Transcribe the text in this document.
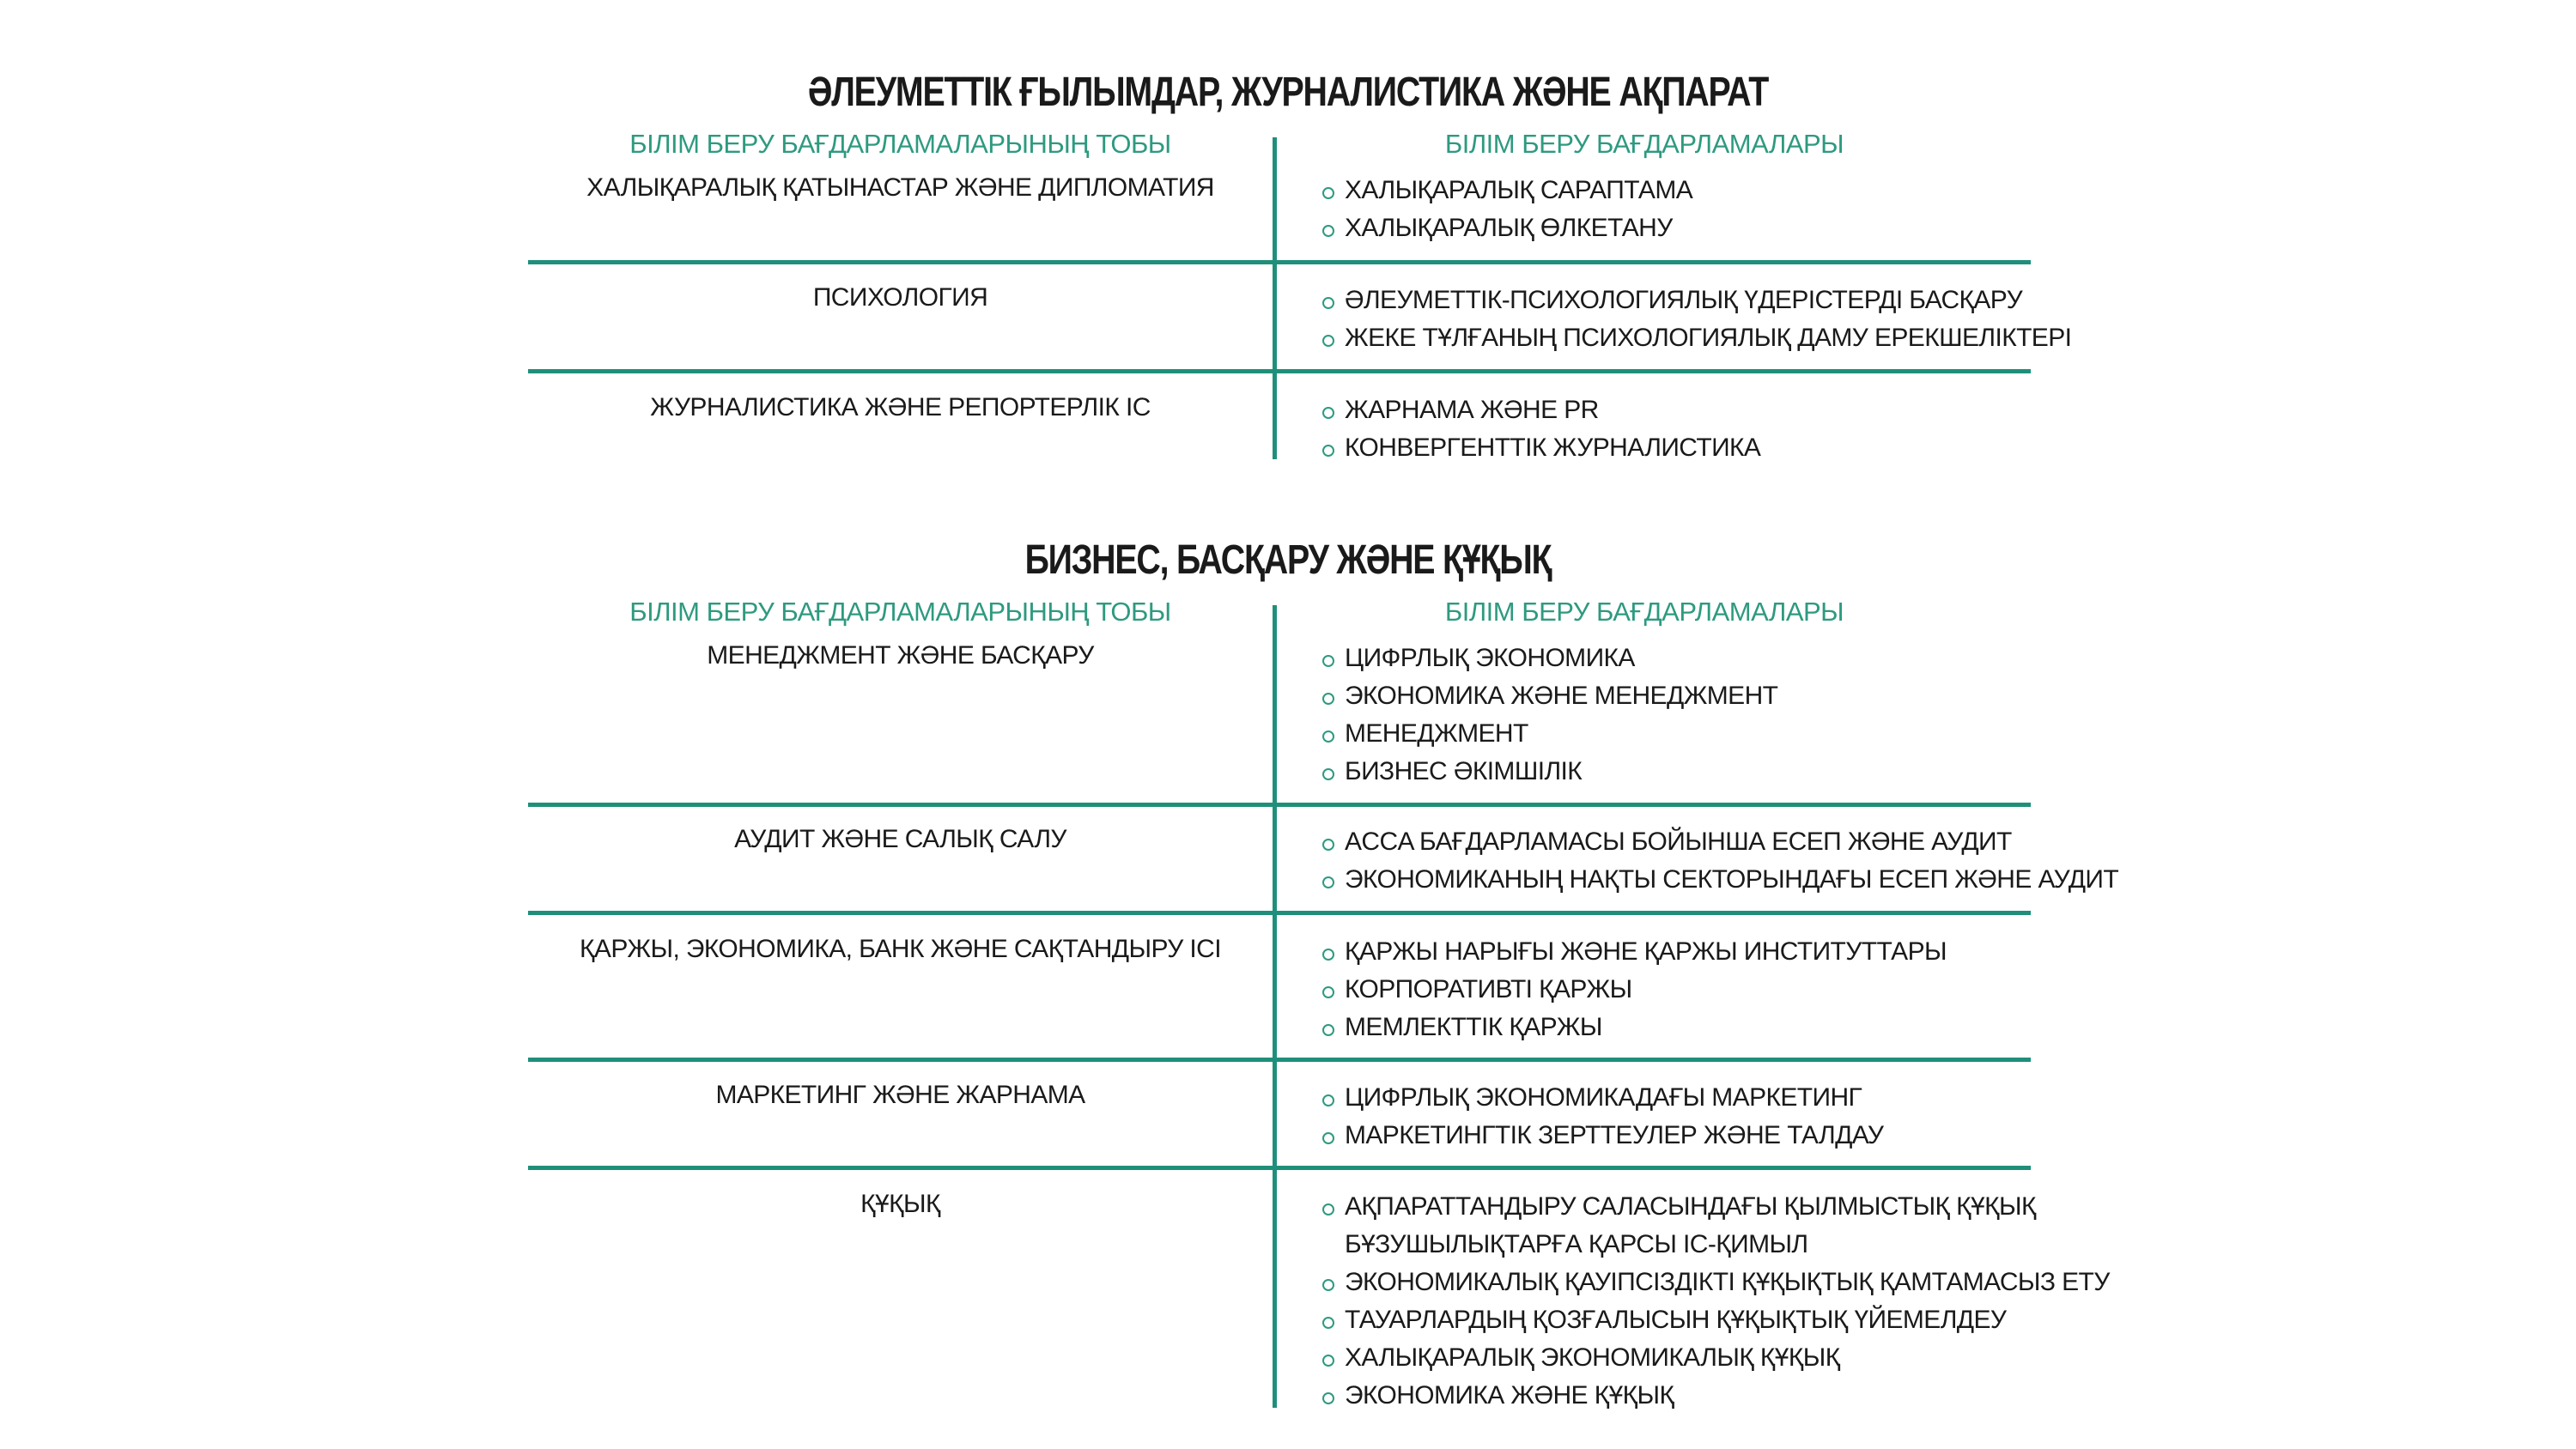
ӘЛЕУМЕТТІК ҒЫЛЫМДАР, ЖУРНАЛИСТИКА ЖӘНЕ АҚПАРАТ
БІЛІМ БЕРУ БАҒДАРЛАМАЛАРЫНЫҢ ТОБЫ	БІЛІМ БЕРУ БАҒДАРЛАМАЛАРЫ
ХАЛЫҚАРАЛЫҚ ҚАТЫНАСТАР ЖӘНЕ ДИПЛОМАТИЯ	ХАЛЫҚАРАЛЫҚ САРАПТАМА
ХАЛЫҚАРАЛЫҚ ӨЛКЕТАНУ
ПСИХОЛОГИЯ	ӘЛЕУМЕТТІК-ПСИХОЛОГИЯЛЫҚ ҮДЕРІСТЕРДІ БАСҚАРУ
ЖЕКЕ ТҰЛҒАНЫҢ ПСИХОЛОГИЯЛЫҚ ДАМУ ЕРЕКШЕЛІКТЕРІ
ЖУРНАЛИСТИКА ЖӘНЕ РЕПОРТЕРЛІК ІС	ЖАРНАМА ЖӘНЕ PR
КОНВЕРГЕНТТІК ЖУРНАЛИСТИКА
БИЗНЕС, БАСҚАРУ ЖӘНЕ ҚҰҚЫҚ
БІЛІМ БЕРУ БАҒДАРЛАМАЛАРЫНЫҢ ТОБЫ	БІЛІМ БЕРУ БАҒДАРЛАМАЛАРЫ
МЕНЕДЖМЕНТ ЖӘНЕ БАСҚАРУ	ЦИФРЛЫҚ ЭКОНОМИКА
ЭКОНОМИКА ЖӘНЕ МЕНЕДЖМЕНТ
МЕНЕДЖМЕНТ
БИЗНЕС ӘКІМШІЛІК
АУДИТ ЖӘНЕ САЛЫҚ САЛУ	ACCA БАҒДАРЛАМАСЫ БОЙЫНША ЕСЕП ЖӘНЕ АУДИТ
ЭКОНОМИКАНЫҢ НАҚТЫ СЕКТОРЫНДАҒЫ ЕСЕП ЖӘНЕ АУДИТ
ҚАРЖЫ, ЭКОНОМИКА, БАНК ЖӘНЕ САҚТАНДЫРУ ІСІ	ҚАРЖЫ НАРЫҒЫ ЖӘНЕ ҚАРЖЫ ИНСТИТУТТАРЫ
КОРПОРАТИВТІ ҚАРЖЫ
МЕМЛЕКТТІК ҚАРЖЫ
МАРКЕТИНГ ЖӘНЕ ЖАРНАМА	ЦИФРЛЫҚ ЭКОНОМИКАДАҒЫ МАРКЕТИНГ
МАРКЕТИНГТІК ЗЕРТТЕУЛЕР ЖӘНЕ ТАЛДАУ
ҚҰҚЫҚ	АҚПАРАТТАНДЫРУ САЛАСЫНДАҒЫ ҚЫЛМЫСТЫҚ ҚҰҚЫҚ
БҰЗУШЫЛЫҚТАРҒА ҚАРСЫ ІС-ҚИМЫЛ
ЭКОНОМИКАЛЫҚ ҚАУІПСІЗДІКТІ ҚҰҚЫҚТЫҚ ҚАМТАМАСЫЗ ЕТУ
ТАУАРЛАРДЫҢ ҚОЗҒАЛЫСЫН ҚҰҚЫҚТЫҚ ҮЙЕМЕЛДЕУ
ХАЛЫҚАРАЛЫҚ ЭКОНОМИКАЛЫҚ ҚҰҚЫҚ
ЭКОНОМИКА ЖӘНЕ ҚҰҚЫҚ
